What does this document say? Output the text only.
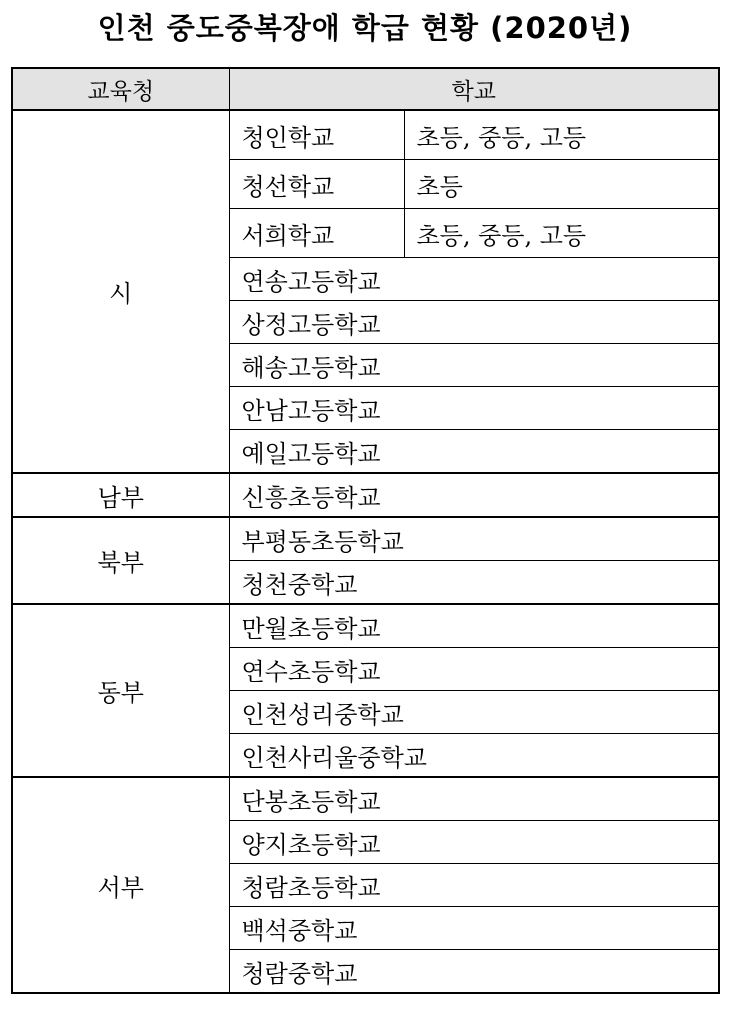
인천 중도중복장애 학급 현황 (2020년)
교육청	학교	
시	청인학교	초등, 중등, 고등
	청선학교	초등
	서희학교	초등, 중등, 고등
	연송고등학교	
	상정고등학교	
	해송고등학교	
	안남고등학교	
	예일고등학교	
남부	신흥초등학교	
북부	부평동초등학교	
	청천중학교	
동부	만월초등학교	
	연수초등학교	
	인천성리중학교	
	인천사리울중학교	
서부	단봉초등학교	
	양지초등학교	
	청람초등학교	
	백석중학교	
	청람중학교	
